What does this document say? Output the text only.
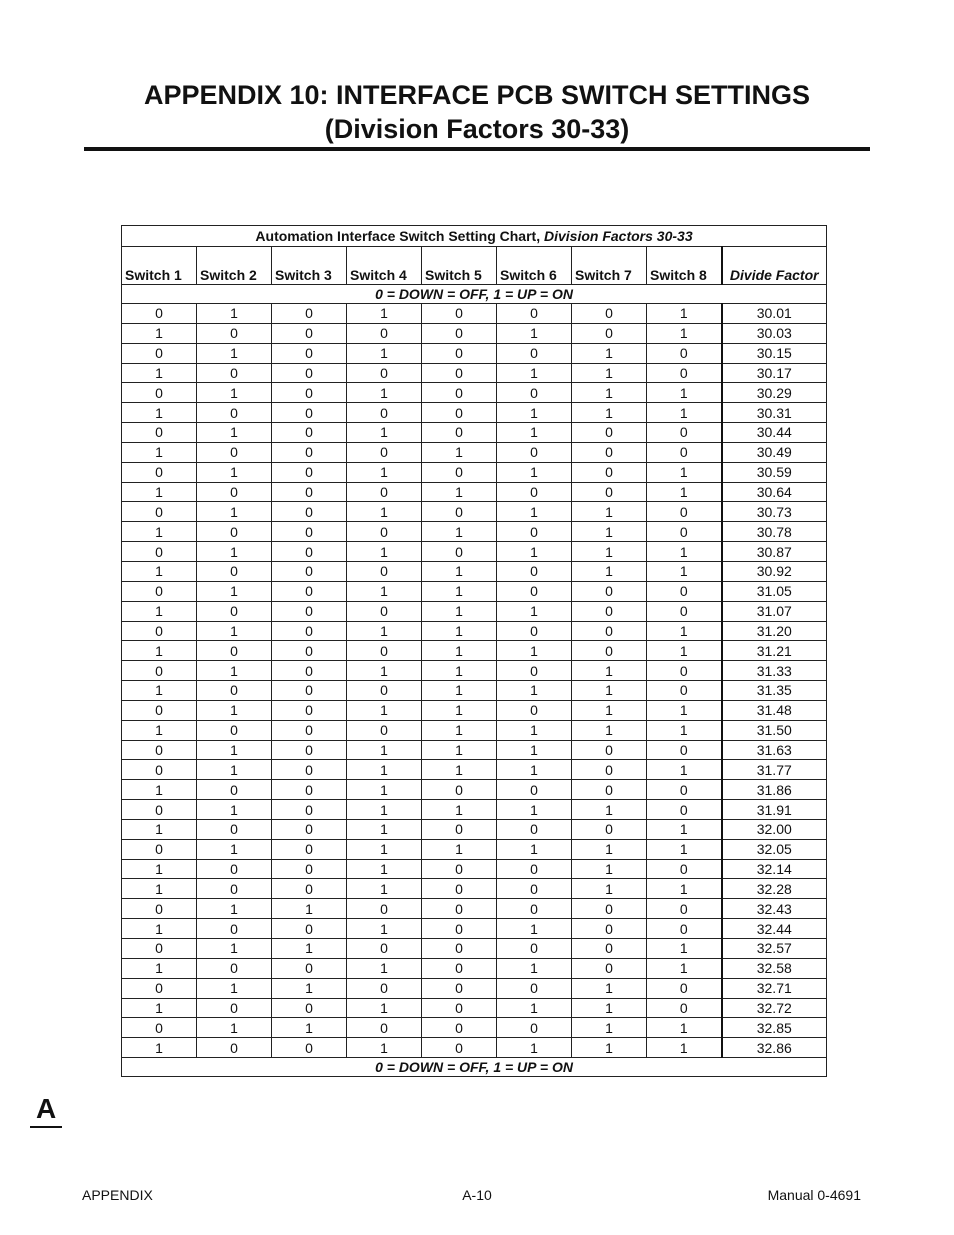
APPENDIX 10: INTERFACE PCB SWITCH SETTINGS
(Division Factors 30-33)
Automation Interface Switch Setting Chart, Division Factors 30-33								

Switch 1	Switch 2	Switch 3	Switch 4	Switch 5	Switch 6	Switch 7	Switch 8	Divide Factor
0 = DOWN = OFF, 1 = UP = ON								
0	1	0	1	0	0	0	1	30.01
1	0	0	0	0	1	0	1	30.03
0	1	0	1	0	0	1	0	30.15
1	0	0	0	0	1	1	0	30.17
0	1	0	1	0	0	1	1	30.29
1	0	0	0	0	1	1	1	30.31
0	1	0	1	0	1	0	0	30.44
1	0	0	0	1	0	0	0	30.49
0	1	0	1	0	1	0	1	30.59
1	0	0	0	1	0	0	1	30.64
0	1	0	1	0	1	1	0	30.73
1	0	0	0	1	0	1	0	30.78
0	1	0	1	0	1	1	1	30.87
1	0	0	0	1	0	1	1	30.92
0	1	0	1	1	0	0	0	31.05
1	0	0	0	1	1	0	0	31.07
0	1	0	1	1	0	0	1	31.20
1	0	0	0	1	1	0	1	31.21
0	1	0	1	1	0	1	0	31.33
1	0	0	0	1	1	1	0	31.35
0	1	0	1	1	0	1	1	31.48
1	0	0	0	1	1	1	1	31.50
0	1	0	1	1	1	0	0	31.63
0	1	0	1	1	1	0	1	31.77
1	0	0	1	0	0	0	0	31.86
0	1	0	1	1	1	1	0	31.91
1	0	0	1	0	0	0	1	32.00
0	1	0	1	1	1	1	1	32.05
1	0	0	1	0	0	1	0	32.14
1	0	0	1	0	0	1	1	32.28
0	1	1	0	0	0	0	0	32.43
1	0	0	1	0	1	0	0	32.44
0	1	1	0	0	0	0	1	32.57
1	0	0	1	0	1	0	1	32.58
0	1	1	0	0	0	1	0	32.71
1	0	0	1	0	1	1	0	32.72
0	1	1	0	0	0	1	1	32.85
1	0	0	1	0	1	1	1	32.86
0 = DOWN = OFF, 1 = UP = ON								
A
APPENDIX	A-10	Manual 0-4691
